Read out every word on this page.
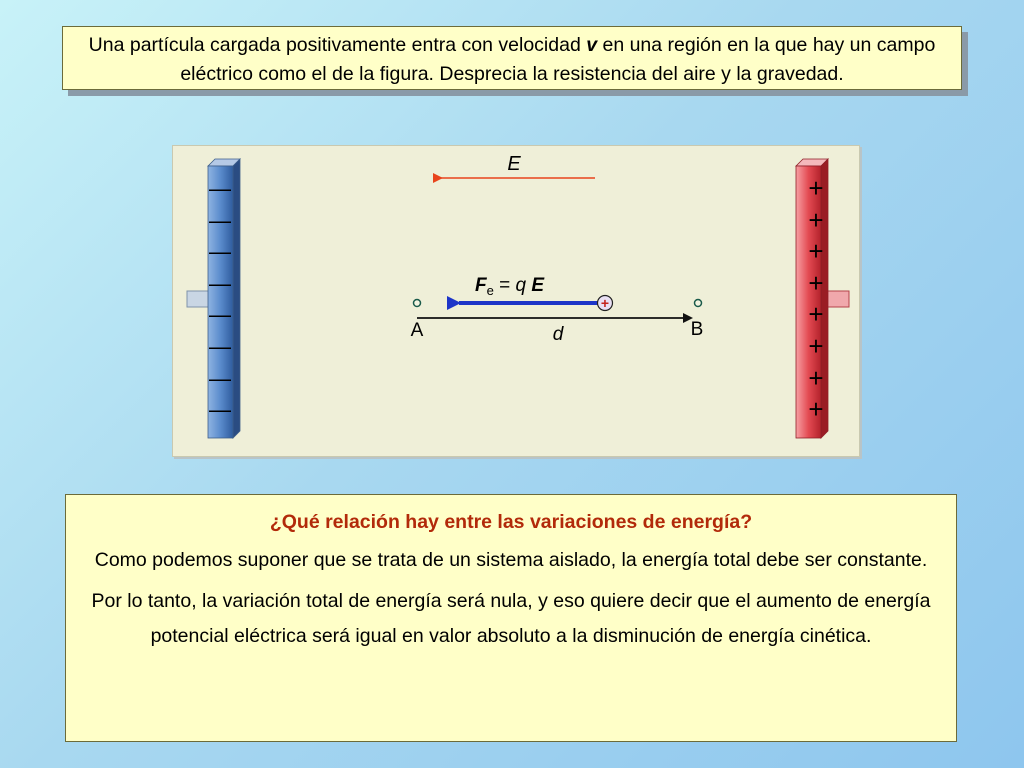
Una partícula cargada positivamente entra con velocidad v en una región en la que hay un campo eléctrico como el de la figura. Desprecia la resistencia del aire y la gravedad.
—
—
—
—
—
—
—
—
+
+
+
+
+
+
+
+
E
$F_e = q$ E
A	B
d
+
¿Qué relación hay entre las variaciones de energía?
Como podemos suponer que se trata de un sistema aislado, la energía total debe ser constante.
Por lo tanto, la variación total de energía será nula, y eso quiere decir que el aumento de energía potencial eléctrica será igual en valor absoluto a la disminución de energía cinética.
